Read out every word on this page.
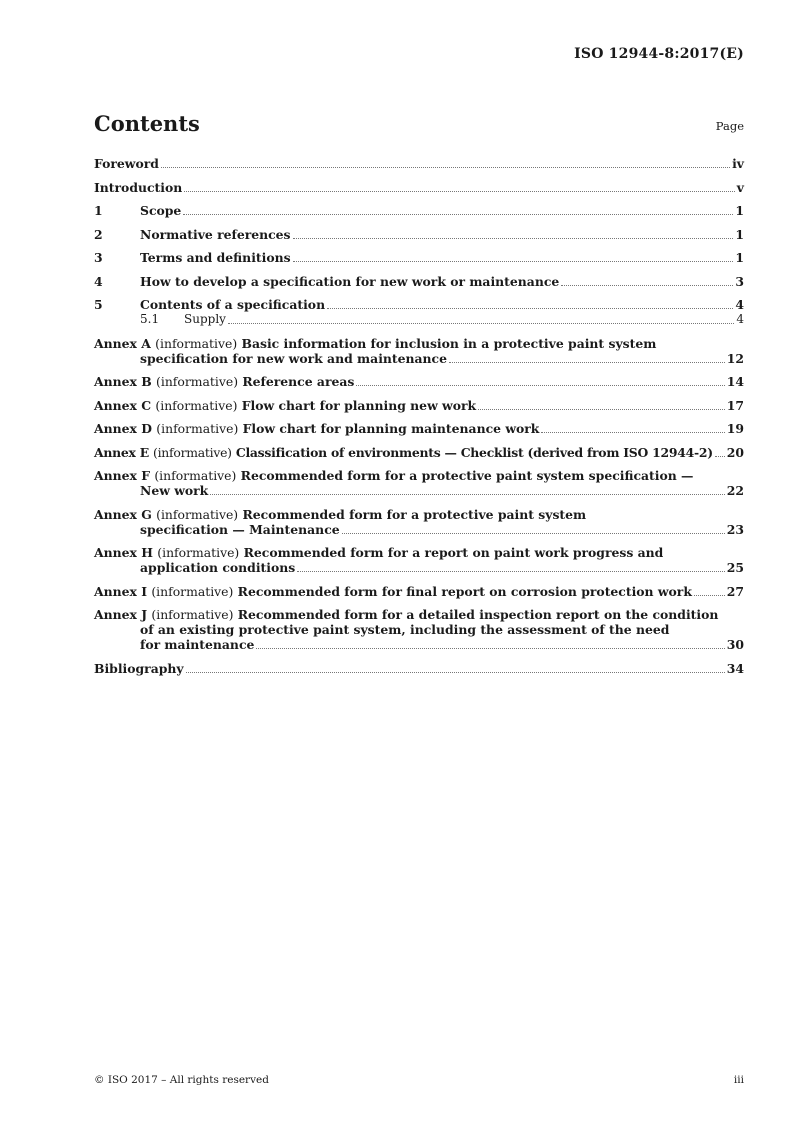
ISO 12944-8:2017(E)
Contents	Page
Foreword	iv
Introduction	v
1	Scope	1
2	Normative references	1
3	Terms and definitions	1
4	How to develop a specification for new work or maintenance	3
5	Contents of a specification	4
5.1	Supply	4
Annex A (informative) Basic information for inclusion in a protective paint system
specification for new work and maintenance	12
Annex B (informative) Reference areas	14
Annex C (informative) Flow chart for planning new work	17
Annex D (informative) Flow chart for planning maintenance work	19
Annex E (informative) Classification of environments — Checklist (derived from ISO 12944-2) 20
Annex F (informative) Recommended form for a protective paint system specification —
New work	22
Annex G (informative) Recommended form for a protective paint system
specification — Maintenance	23
Annex H (informative) Recommended form for a report on paint work progress and
application conditions	25
Annex I (informative) Recommended form for final report on corrosion protection work	27
Annex J (informative) Recommended form for a detailed inspection report on the condition
of an existing protective paint system, including the assessment of the need
for maintenance	30
Bibliography	34
© ISO 2017 – All rights reserved	iii
